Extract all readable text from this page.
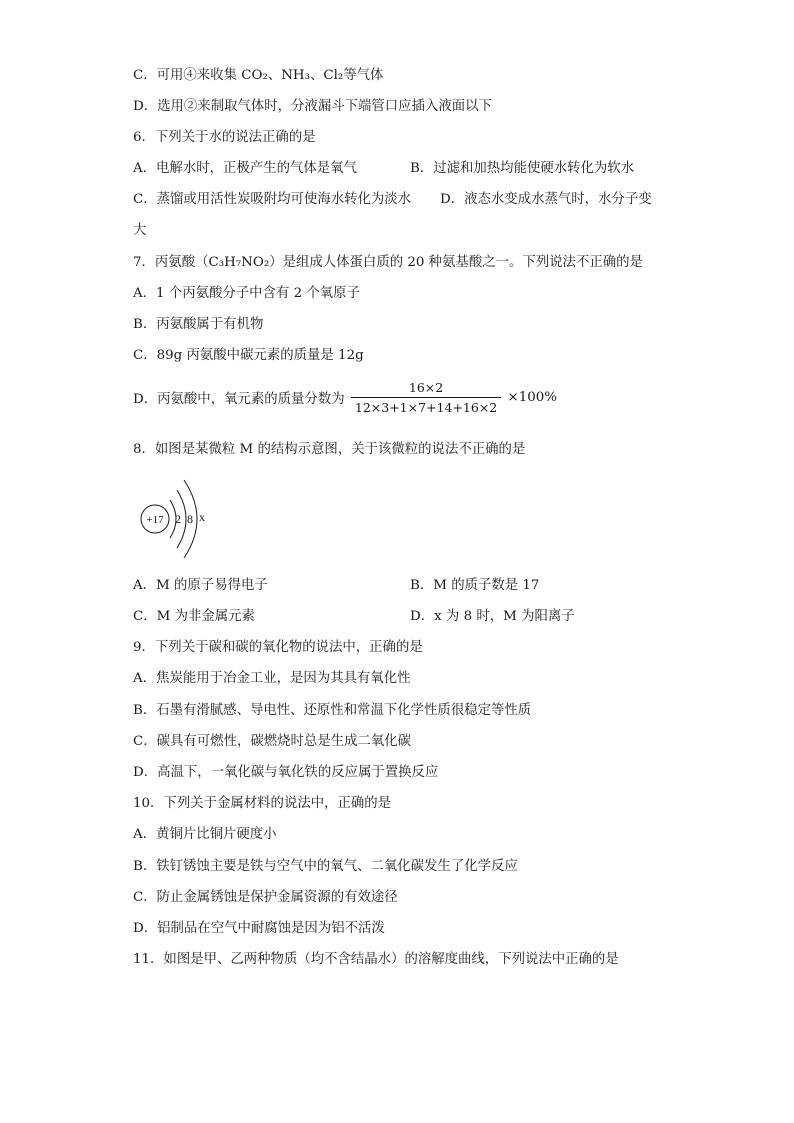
C．可用④来收集 CO₂、NH₃、Cl₂等气体
D．选用②来制取气体时，分液漏斗下端管口应插入液面以下
6．下列关于水的说法正确的是
A．电解水时，正极产生的气体是氧气	B．过滤和加热均能使硬水转化为软水
C．蒸馏或用活性炭吸附均可使海水转化为淡水 D．液态水变成水蒸气时，水分子变
大
7．丙氨酸（C₃H₇NO₂）是组成人体蛋白质的 20 种氨基酸之一。下列说法不正确的是
A．1 个丙氨酸分子中含有 2 个氧原子
B．丙氨酸属于有机物
C．89g 丙氨酸中碳元素的质量是 12g
D．丙氨酸中，氧元素的质量分数为 $\frac{16\times 2}{12\times 3+1\times 7+14+16\times 2} \times 100\%$
8．如图是某微粒 M 的结构示意图，关于该微粒的说法不正确的是
+17 2 8 x
A．M 的原子易得电子	B．M 的质子数是 17
C．M 为非金属元素	D．x 为 8 时，M 为阳离子
9．下列关于碳和碳的氧化物的说法中，正确的是
A．焦炭能用于冶金工业，是因为其具有氧化性
B．石墨有滑腻感、导电性、还原性和常温下化学性质很稳定等性质
C．碳具有可燃性，碳燃烧时总是生成二氧化碳
D．高温下，一氧化碳与氧化铁的反应属于置换反应
10．下列关于金属材料的说法中，正确的是
A．黄铜片比铜片硬度小
B．铁钉锈蚀主要是铁与空气中的氧气、二氧化碳发生了化学反应
C．防止金属锈蚀是保护金属资源的有效途径
D．铝制品在空气中耐腐蚀是因为铝不活泼
11．如图是甲、乙两种物质（均不含结晶水）的溶解度曲线，下列说法中正确的是
